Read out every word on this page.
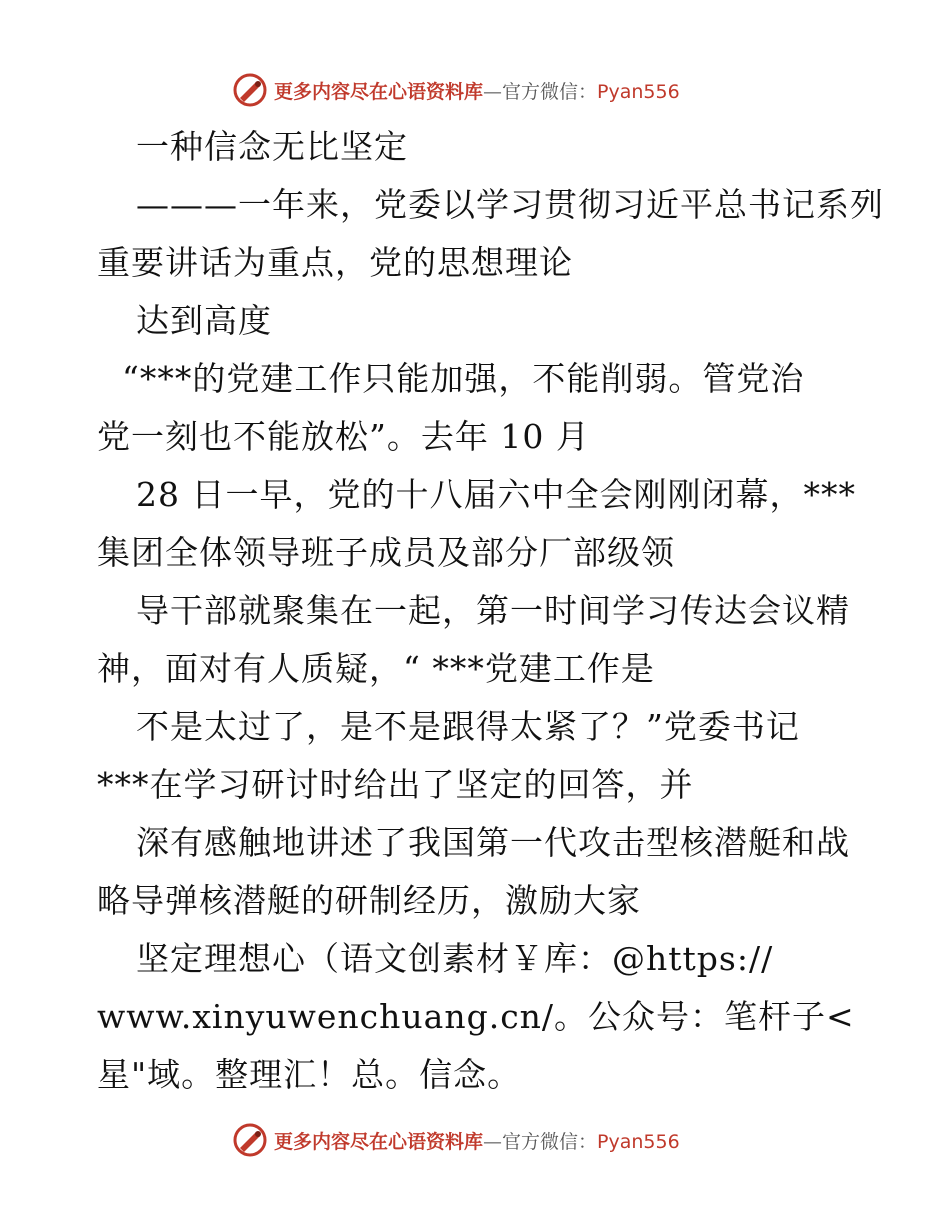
更多内容尽在心语资料库—官方微信：Pyan556
一种信念无比坚定
———一年来，党委以学习贯彻习近平总书记系列
重要讲话为重点，党的思想理论
达到高度
“***的党建工作只能加强，不能削弱。管党治
党一刻也不能放松”。去年 10 月
28 日一早，党的十八届六中全会刚刚闭幕，***
集团全体领导班子成员及部分厂部级领
导干部就聚集在一起，第一时间学习传达会议精
神，面对有人质疑，“ ***党建工作是
不是太过了，是不是跟得太紧了？”党委书记
***在学习研讨时给出了坚定的回答，并
深有感触地讲述了我国第一代攻击型核潜艇和战
略导弹核潜艇的研制经历，激励大家
坚定理想心（语文创素材￥库：@https://
www.xinyuwenchuang.cn/。公众号：笔杆子<
星"域。整理汇！总。信念。
更多内容尽在心语资料库—官方微信：Pyan556
